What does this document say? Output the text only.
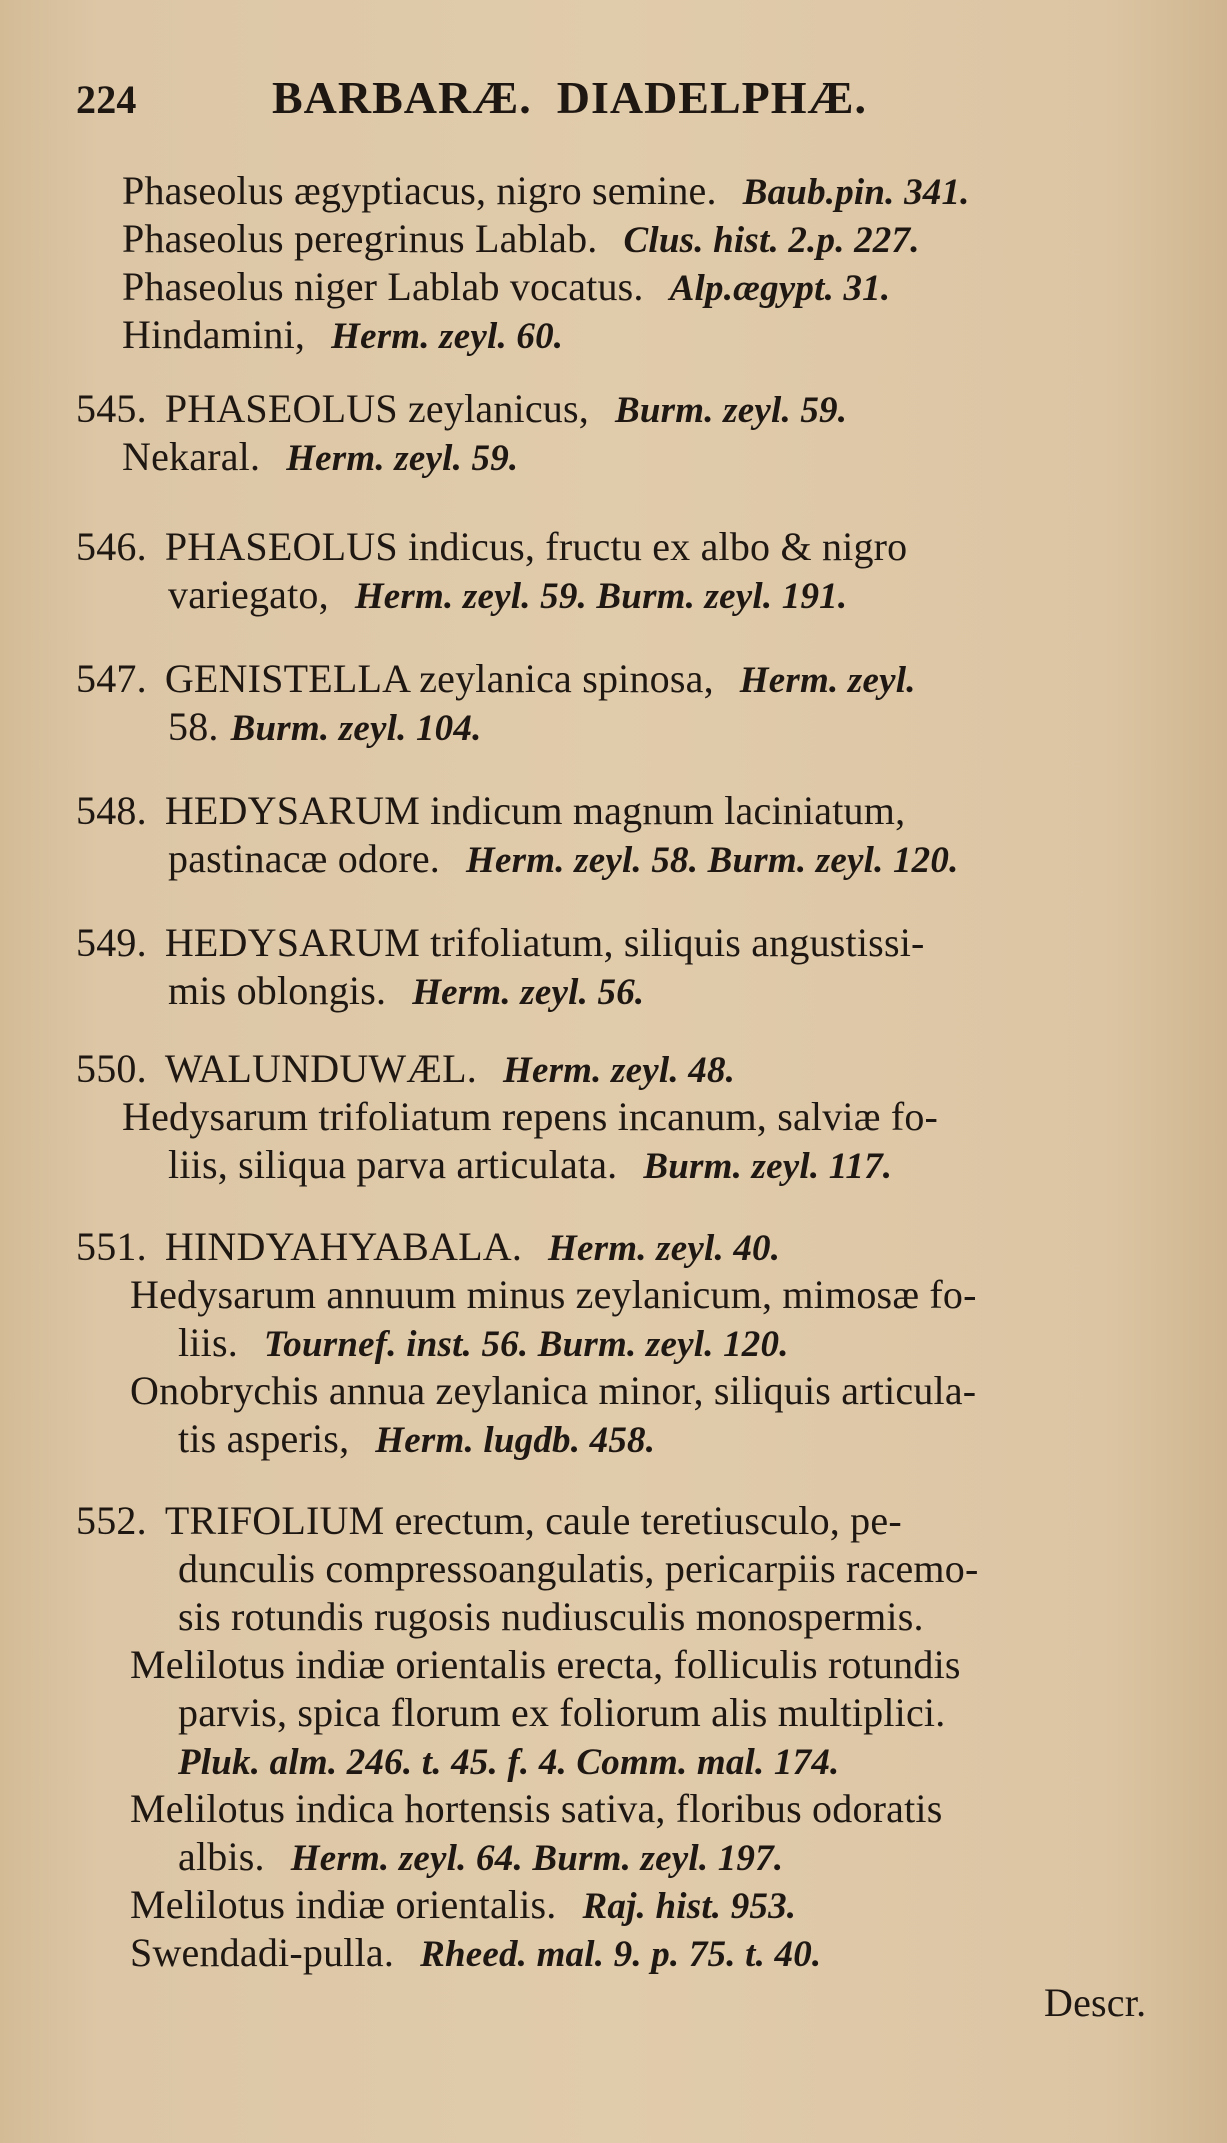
224	BARBARÆ.  DIADELPHÆ.
Phaseolus ægyptiacus, nigro semine. Baub.pin. 341.
Phaseolus peregrinus Lablab. Clus. hist. 2.p. 227.
Phaseolus niger Lablab vocatus. Alp.ægypt. 31.
Hindamini, Herm. zeyl. 60.
545. PHASEOLUS zeylanicus, Burm. zeyl. 59.
Nekaral. Herm. zeyl. 59.
546. PHASEOLUS indicus, fructu ex albo & nigro
variegato, Herm. zeyl. 59. Burm. zeyl. 191.
547. GENISTELLA zeylanica spinosa, Herm. zeyl.
58. Burm. zeyl. 104.
548. HEDYSARUM indicum magnum laciniatum,
pastinacæ odore. Herm. zeyl. 58. Burm. zeyl. 120.
549. HEDYSARUM trifoliatum, siliquis angustissi-
mis oblongis. Herm. zeyl. 56.
550. WALUNDUWÆL. Herm. zeyl. 48.
Hedysarum trifoliatum repens incanum, salviæ fo-
liis, siliqua parva articulata. Burm. zeyl. 117.
551. HINDYAHYABALA. Herm. zeyl. 40.
Hedysarum annuum minus zeylanicum, mimosæ fo-
liis. Tournef. inst. 56. Burm. zeyl. 120.
Onobrychis annua zeylanica minor, siliquis articula-
tis asperis, Herm. lugdb. 458.
552. TRIFOLIUM erectum, caule teretiusculo, pe-
dunculis compressoangulatis, pericarpiis racemo-
sis rotundis rugosis nudiusculis monospermis.
Melilotus indiæ orientalis erecta, folliculis rotundis
parvis, spica florum ex foliorum alis multiplici.
Pluk. alm. 246. t. 45. f. 4. Comm. mal. 174.
Melilotus indica hortensis sativa, floribus odoratis
albis. Herm. zeyl. 64. Burm. zeyl. 197.
Melilotus indiæ orientalis. Raj. hist. 953.
Swendadi-pulla. Rheed. mal. 9. p. 75. t. 40.
Descr.
